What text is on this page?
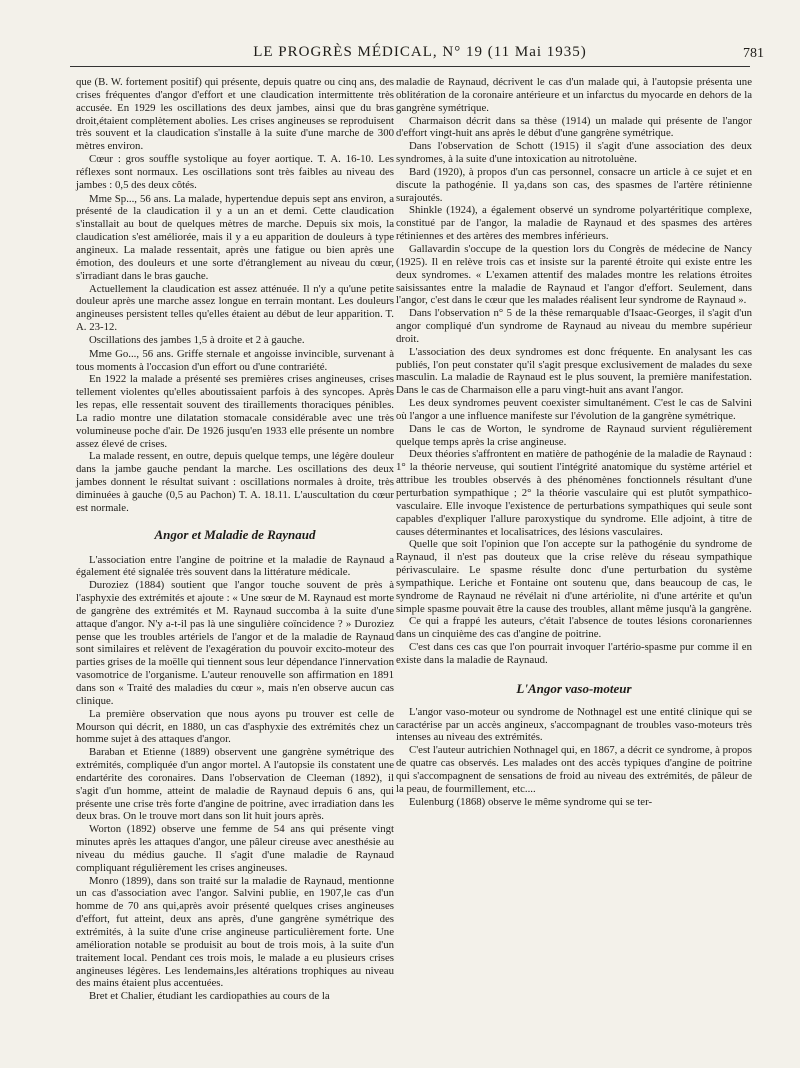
LE PROGRÈS MÉDICAL, N° 19 (11 Mai 1935)	781

que (B. W. fortement positif) qui présente, depuis quatre ou cinq ans, des crises fréquentes d'angor d'effort et une claudication intermittente très accusée. En 1929 les oscillations des deux jambes, ainsi que du bras droit,étaient complètement abolies. Les crises angineuses se reproduisent très souvent et la claudication s'installe à la suite d'une marche de 300 mètres environ.

Cœur : gros souffle systolique au foyer aortique. T. A. 16-10. Les réflexes sont normaux. Les oscillations sont très faibles au niveau des jambes : 0,5 des deux côtés.

Mme Sp..., 56 ans. La malade, hypertendue depuis sept ans environ, a présenté de la claudication il y a un an et demi. Cette claudication s'installait au bout de quelques mètres de marche. Depuis six mois, la claudication s'est améliorée, mais il y a eu apparition de douleurs à type angineux. La malade ressentait, après une fatigue ou bien après une émotion, des douleurs et une sorte d'étranglement au niveau du cœur, s'irradiant dans le bras gauche.

Actuellement la claudication est assez atténuée. Il n'y a qu'une petite douleur après une marche assez longue en terrain montant. Les douleurs angineuses persistent telles qu'elles étaient au début de leur apparition. T. A. 23-12.

Oscillations des jambes 1,5 à droite et 2 à gauche.

Mme Go..., 56 ans. Griffe sternale et angoisse invincible, survenant à tous moments à l'occasion d'un effort ou d'une contrariété.

En 1922 la malade a présenté ses premières crises angineuses, crises tellement violentes qu'elles aboutissaient parfois à des syncopes. Après les repas, elle ressentait souvent des tiraillements thoraciques pénibles. La radio montre une dilatation stomacale considérable avec une très volumineuse poche d'air. De 1926 jusqu'en 1933 elle présente un nombre assez élevé de crises.

La malade ressent, en outre, depuis quelque temps, une légère douleur dans la jambe gauche pendant la marche. Les oscillations des deux jambes donnent le résultat suivant : oscillations normales à droite, très diminuées à gauche (0,5 au Pachon) T. A. 18.11. L'auscultation du cœur est normale.

Angor et Maladie de Raynaud

L'association entre l'angine de poitrine et la maladie de Raynaud a également été signalée très souvent dans la littérature médicale.

Duroziez (1884) soutient que l'angor touche souvent de près à l'asphyxie des extrémités et ajoute : « Une sœur de M. Raynaud est morte de gangrène des extrémités et M. Raynaud succomba à la suite d'une attaque d'angor. N'y a-t-il pas là une singulière coïncidence ? » Duroziez pense que les troubles artériels de l'angor et de la maladie de Raynaud sont similaires et relèvent de l'exagération du pouvoir excito-moteur des parties grises de la moëlle qui tiennent sous leur dépendance l'innervation vasomotrice de l'organisme. L'auteur renouvelle son affirmation en 1891 dans son « Traité des maladies du cœur », mais n'en observe aucun cas clinique.

La première observation que nous ayons pu trouver est celle de Mourson qui décrit, en 1880, un cas d'asphyxie des extrémités chez un homme sujet à des attaques d'angor.

Baraban et Etienne (1889) observent une gangrène symétrique des extrémités, compliquée d'un angor mortel. A l'autopsie ils constatent une endartérite des coronaires. Dans l'observation de Cleeman (1892), il s'agit d'un homme, atteint de maladie de Raynaud depuis 6 ans, qui présente une crise très forte d'angine de poitrine, avec irradiation dans les deux bras. On le trouve mort dans son lit huit jours après.

Worton (1892) observe une femme de 54 ans qui présente vingt minutes après les attaques d'angor, une pâleur cireuse avec anesthésie au niveau du médius gauche. Il s'agit d'une maladie de Raynaud compliquant régulièrement les crises angineuses.

Monro (1899), dans son traité sur la maladie de Raynaud, mentionne un cas d'association avec l'angor. Salvini publie, en 1907,le cas d'un homme de 70 ans qui,après avoir présenté quelques crises angineuses d'effort, fut atteint, deux ans après, d'une gangrène symétrique des extrémités, à la suite d'une crise angineuse particulièrement forte. Une amélioration notable se produisit au bout de trois mois, à la suite d'un traitement local. Pendant ces trois mois, le malade a eu plusieurs crises angineuses légères. Les lendemains,les altérations trophiques au niveau des mains étaient plus accentuées.

Bret et Chalier, étudiant les cardiopathies au cours de la

maladie de Raynaud, décrivent le cas d'un malade qui, à l'autopsie présenta une oblitération de la coronaire antérieure et un infarctus du myocarde en dehors de la gangrène symétrique.

Charmaison décrit dans sa thèse (1914) un malade qui présente de l'angor d'effort vingt-huit ans après le début d'une gangrène symétrique.

Dans l'observation de Schott (1915) il s'agit d'une association des deux syndromes, à la suite d'une intoxication au nitrotoluène.

Bard (1920), à propos d'un cas personnel, consacre un article à ce sujet et en discute la pathogénie. Il ya,dans son cas, des spasmes de l'artère rétinienne surajoutés.

Shinkle (1924), a également observé un syndrome polyartéritique complexe, constitué par de l'angor, la maladie de Raynaud et des spasmes des artères rétiniennes et des artères des membres inférieurs.

Gallavardin s'occupe de la question lors du Congrès de médecine de Nancy (1925). Il en relève trois cas et insiste sur la parenté étroite qui existe entre les deux syndromes. « L'examen attentif des malades montre les relations étroites saisissantes entre la maladie de Raynaud et l'angor d'effort. Seulement, dans l'angor, c'est dans le cœur que les malades réalisent leur syndrome de Raynaud ».

Dans l'observation n° 5 de la thèse remarquable d'Isaac-Georges, il s'agit d'un angor compliqué d'un syndrome de Raynaud au niveau du membre supérieur droit.

L'association des deux syndromes est donc fréquente. En analysant les cas publiés, l'on peut constater qu'il s'agit presque exclusivement de malades du sexe masculin. La maladie de Raynaud est le plus souvent, la première manifestation. Dans le cas de Charmaison elle a paru vingt-huit ans avant l'angor.

Les deux syndromes peuvent coexister simultanément. C'est le cas de Salvini où l'angor a une influence manifeste sur l'évolution de la gangrène symétrique.

Dans le cas de Worton, le syndrome de Raynaud survient régulièrement quelque temps après la crise angineuse.

Deux théories s'affrontent en matière de pathogénie de la maladie de Raynaud : 1° la théorie nerveuse, qui soutient l'intégrité anatomique du système artériel et attribue les troubles observés à des phénomènes fonctionnels résultant d'une perturbation sympathique ; 2° la théorie vasculaire qui est plutôt sympathico-vasculaire. Elle invoque l'existence de perturbations sympathiques qui seule sont capables d'expliquer l'allure paroxystique du syndrome. Elle adjoint, à titre de causes déterminantes et localisatrices, des lésions vasculaires.

Quelle que soit l'opinion que l'on accepte sur la pathogénie du syndrome de Raynaud, il n'est pas douteux que la crise relève du réseau sympathique périvasculaire. Le spasme résulte donc d'une perturbation du système sympathique. Leriche et Fontaine ont soutenu que, dans beaucoup de cas, le syndrome de Raynaud ne révélait ni d'une artériolite, ni d'une artérite et qu'un simple spasme pouvait être la cause des troubles, allant même jusqu'à la gangrène.

Ce qui a frappé les auteurs, c'était l'absence de toutes lésions coronariennes dans un cinquième des cas d'angine de poitrine.

C'est dans ces cas que l'on pourrait invoquer l'artério-spasme pur comme il en existe dans la maladie de Raynaud.

L'Angor vaso-moteur

L'angor vaso-moteur ou syndrome de Nothnagel est une entité clinique qui se caractérise par un accès angineux, s'accompagnant de troubles vaso-moteurs très intenses au niveau des extrémités.

C'est l'auteur autrichien Nothnagel qui, en 1867, a décrit ce syndrome, à propos de quatre cas observés. Les malades ont des accès typiques d'angine de poitrine qui s'accompagnent de sensations de froid au niveau des extrémités, de pâleur de la peau, de fourmillement, etc....

Eulenburg (1868) observe le même syndrome qui se ter-
